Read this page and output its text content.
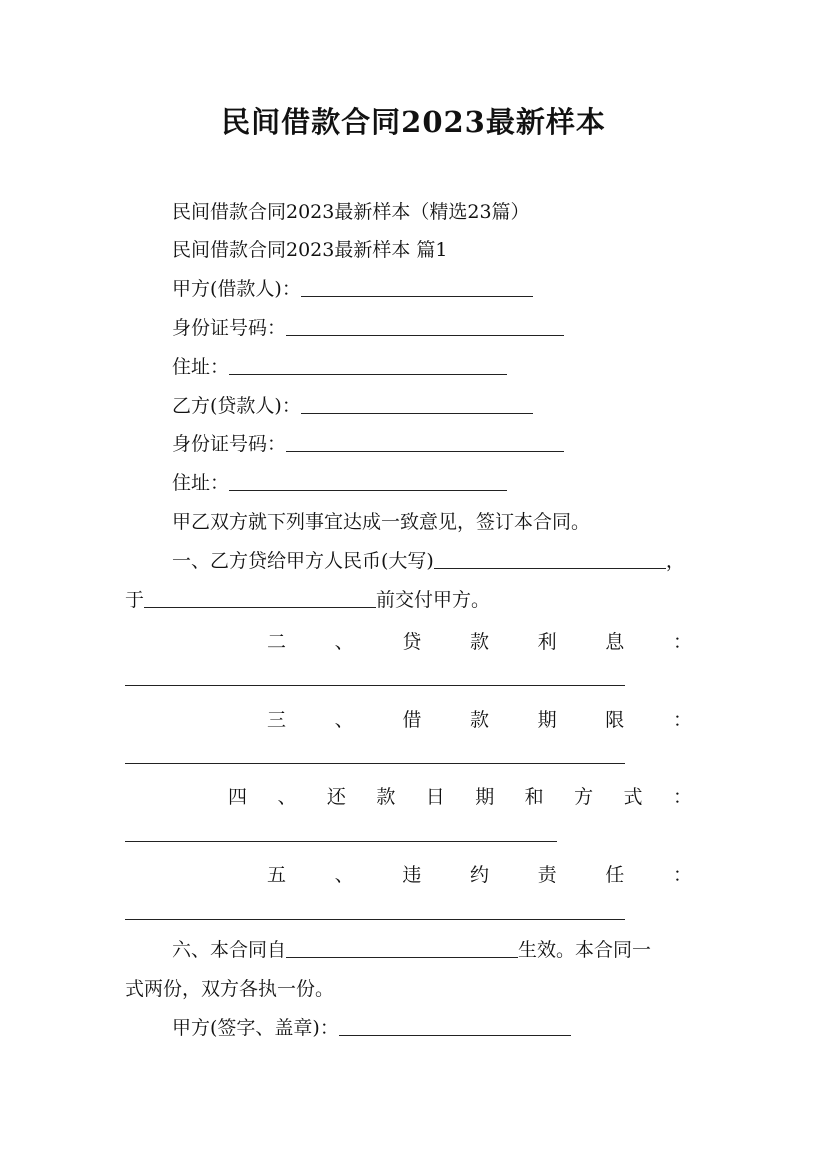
民间借款合同2023最新样本
民间借款合同2023最新样本（精选23篇）
民间借款合同2023最新样本 篇1
甲方(借款人)：
身份证号码：
住址：
乙方(贷款人)：
身份证号码：
住址：
甲乙双方就下列事宜达成一致意见，签订本合同。
一、乙方贷给甲方人民币(大写)	，
于	前交付甲方。
二	、	贷	款	利	息	：
三	、	借	款	期	限	：
四 、 还 款 日 期 和 方 式 ：
五	、	违	约	责	任	：
六、本合同自	生效。本合同一
式两份，双方各执一份。
甲方(签字、盖章)：
